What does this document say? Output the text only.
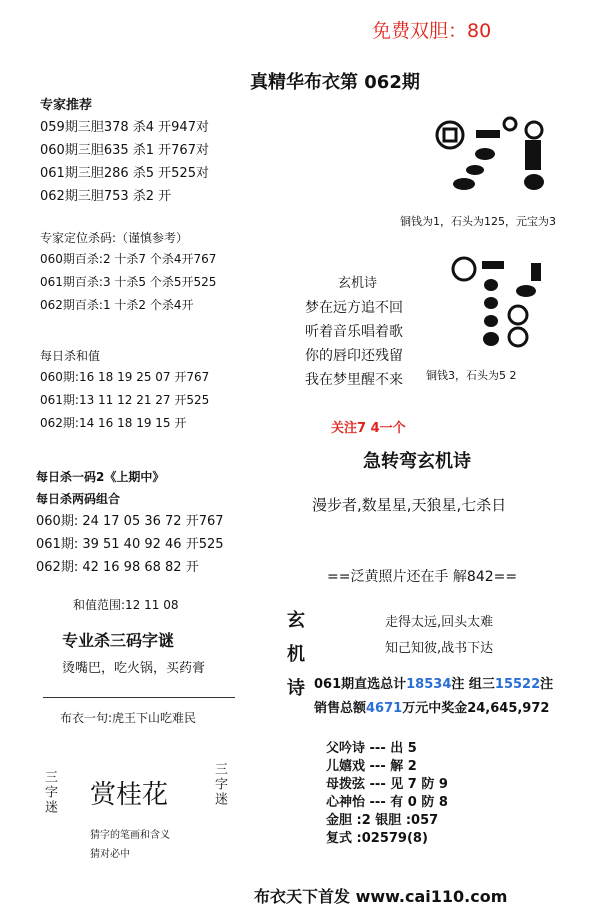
免费双胆：80
真精华布衣第 062期
专家推荐
059期三胆378 杀4 开947对
060期三胆635 杀1 开767对
061期三胆286 杀5 开525对
062期三胆753 杀2 开
专家定位杀码:（谨慎参考）
060期百杀:2 十杀7 个杀4开767
061期百杀:3 十杀5 个杀5开525
062期百杀:1 十杀2 个杀4开
每日杀和值
060期:16 18 19 25 07 开767
061期:13 11 12 21 27 开525
062期:14 16 18 19 15 开
每日杀一码2《上期中》
每日杀两码组合
060期: 24 17 05 36 72 开767
061期: 39 51 40 92 46 开525
062期: 42 16 98 68 82 开
和值范围:12 11 08
专业杀三码字谜
烫嘴巴，吃火锅，买药膏
布衣一句:虎王下山吃难民
三字迷 赏桂花	三字迷
猜字的笔画和含义
猜对必中
铜钱为1，石头为125，元宝为3
铜钱3，石头为5 2
玄机诗
梦在远方追不回
听着音乐唱着歌
你的唇印还残留
我在梦里醒不来
关注7 4一个
急转弯玄机诗
漫步者,数星星,天狼星,七杀日
==泛黄照片还在手 解842==
玄
机
诗
走得太远,回头太难
知己知彼,战书下达
061期直选总计18534注 组三15522注
销售总额4671万元中奖金24,645,972
父吟诗 --- 出 5
儿嬉戏 --- 解 2
母拨弦 --- 见 7 防 9
心神怡 --- 有 0 防 8
金胆 :2 银胆 :057
复式 :02579(8)
布衣天下首发 www.cai110.com
